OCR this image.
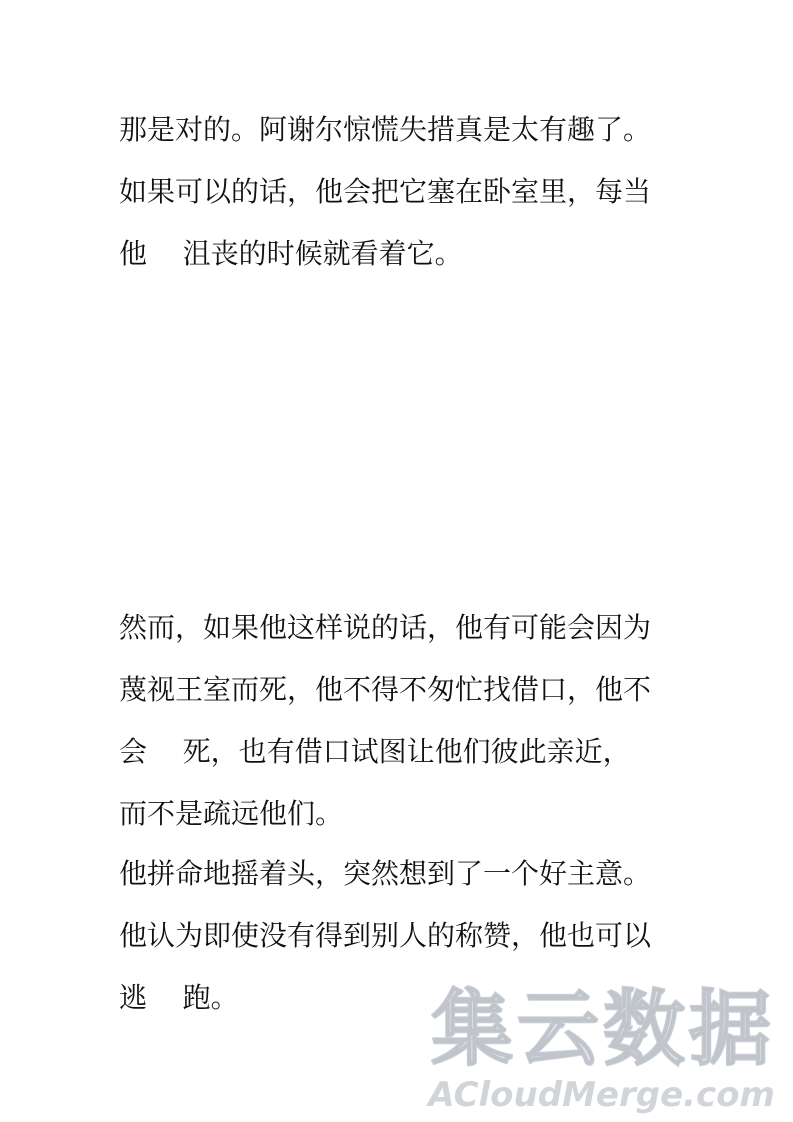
那是对的。阿谢尔惊慌失措真是太有趣了。

如果可以的话，他会把它塞在卧室里，每当

他    沮丧的时候就看着它。

然而，如果他这样说的话，他有可能会因为

蔑视王室而死，他不得不匆忙找借口，他不

会    死，也有借口试图让他们彼此亲近，

而不是疏远他们。

他拼命地摇着头，突然想到了一个好主意。

他认为即使没有得到别人的称赞，他也可以

逃    跑。	集云数据
ACloudMerge.com
